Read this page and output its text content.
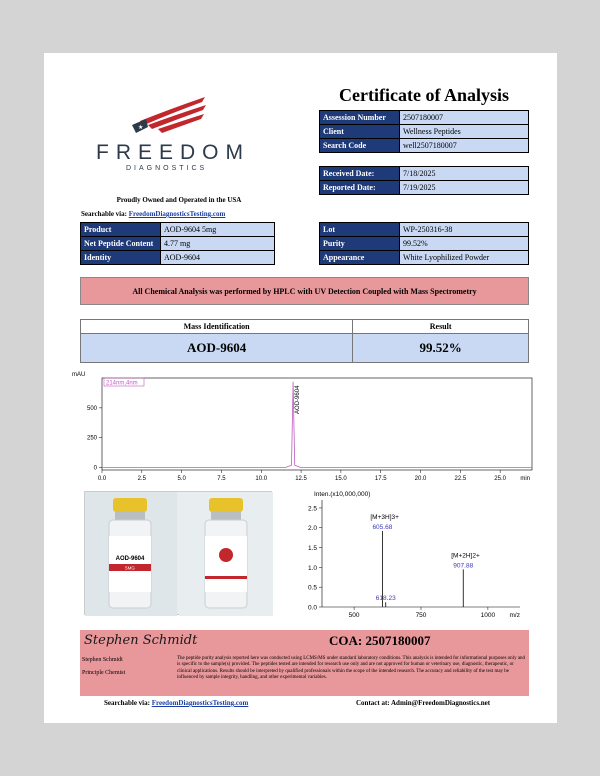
★
FREEDOM
DIAGNOSTICS
Proudly Owned and Operated in the USA
Searchable via: FreedomDiagnosticsTesting.com
Certificate of Analysis
Assession Number	2507180007
Client	Wellness Peptides
Search Code	well2507180007
Received Date:	7/18/2025
Reported Date:	7/19/2025
Product	AOD-9604 5mg
Net Peptide Content	4.77 mg
Identity	AOD-9604
Lot	WP-250316-38
Purity	99.52%
Appearance	White Lyophilized Powder
All Chemical Analysis was performed by HPLC with UV Detection Coupled with Mass Spectrometry
Mass Identification	Result
AOD-9604	99.52%
mAU
214nm,4nm
0
250
500
0.0	2.5	5.0	7.5	10.0	12.5	15.0	17.5	20.0	22.5	25.0 min
AOD-9604
AOD-9604
5MG
Inten.(x10,000,000)
m/z
0.0
0.5
1.0
1.5
2.0
2.5
500	750	1000
605.68
[M+3H]3+
907.88
[M+2H]2+
618.23
Stephen Schmidt	COA: 2507180007
Stephen Schmidt
Principle Chemist
The peptide purity analysis reported here was conducted using LCMS/MS under standard laboratory conditions. This analysis is intended for informational purposes only and is specific to the sample(s) provided. The peptides tested are intended for research use only and are not approved for human or veterinary use, diagnostic, therapeutic, or clinical applications. Results should be interpreted by qualified professionals within the scope of the intended research. The accuracy and reliability of the test may be influenced by sample integrity, handling, and other experimental variables.
Searchable via: FreedomDiagnosticsTesting.com	Contact at: Admin@FreedomDiagnostics.net
